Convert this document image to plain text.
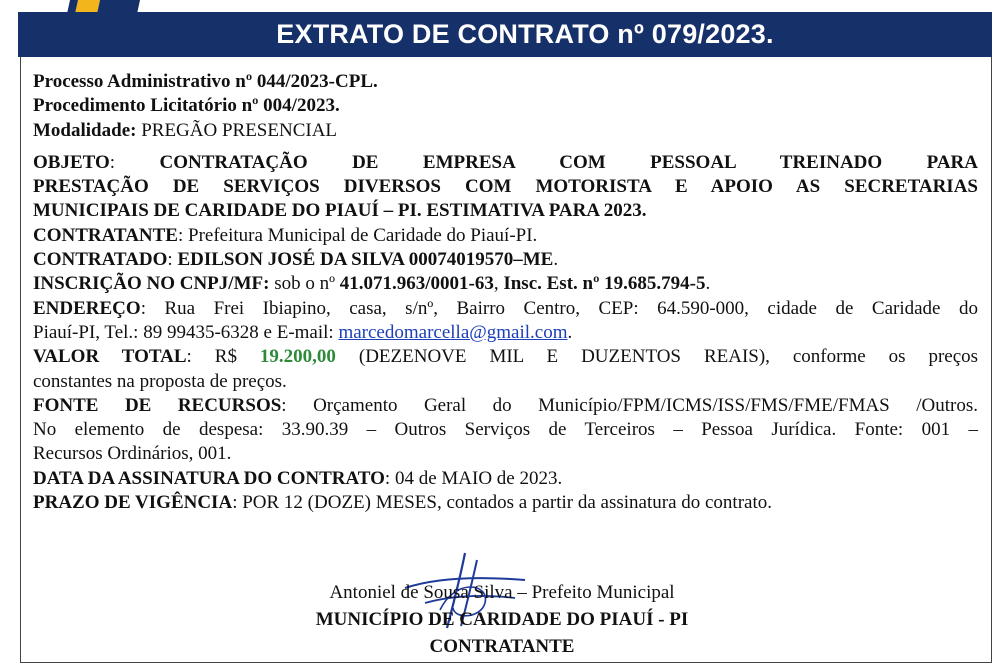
EXTRATO DE CONTRATO nº 079/2023.
Processo Administrativo nº 044/2023-CPL.
Procedimento Licitatório nº 004/2023.
Modalidade: PREGÃO PRESENCIAL
OBJETO: CONTRATAÇÃO DE EMPRESA COM PESSOAL TREINADO PARA
PRESTAÇÃO DE SERVIÇOS DIVERSOS COM MOTORISTA E APOIO AS SECRETARIAS
MUNICIPAIS DE CARIDADE DO PIAUÍ – PI. ESTIMATIVA PARA 2023.
CONTRATANTE: Prefeitura Municipal de Caridade do Piauí-PI.
CONTRATADO: EDILSON JOSÉ DA SILVA 00074019570–ME.
INSCRIÇÃO NO CNPJ/MF: sob o nº 41.071.963/0001-63, Insc. Est. nº 19.685.794-5.
ENDEREÇO: Rua Frei Ibiapino, casa, s/nº, Bairro Centro, CEP: 64.590-000, cidade de Caridade do
Piauí-PI, Tel.: 89 99435-6328 e E-mail: marcedomarcella@gmail.com.
VALOR TOTAL: R$ 19.200,00 (DEZENOVE MIL E DUZENTOS REAIS), conforme os preços
constantes na proposta de preços.
FONTE DE RECURSOS: Orçamento Geral do Município/FPM/ICMS/ISS/FMS/FME/FMAS /Outros.
No elemento de despesa: 33.90.39 – Outros Serviços de Terceiros – Pessoa Jurídica. Fonte: 001 –
Recursos Ordinários, 001.
DATA DA ASSINATURA DO CONTRATO: 04 de MAIO de 2023.
PRAZO DE VIGÊNCIA: POR 12 (DOZE) MESES, contados a partir da assinatura do contrato.
Antoniel de Sousa Silva – Prefeito Municipal
MUNICÍPIO DE CARIDADE DO PIAUÍ - PI
CONTRATANTE
